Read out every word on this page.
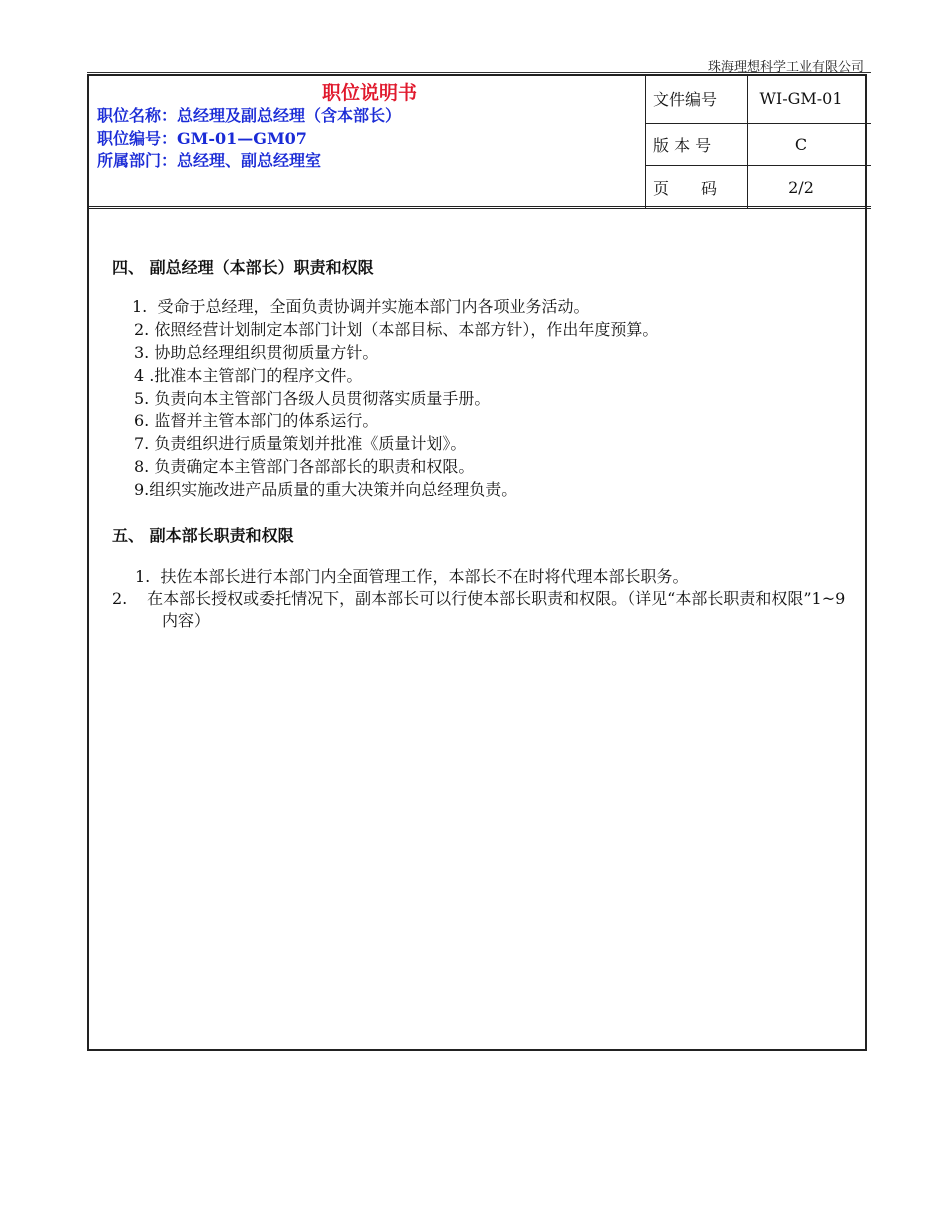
珠海理想科学工业有限公司
职位说明书
职位名称：总经理及副总经理（含本部长）
职位编号：GM-01—GM07
所属部门：总经理、副总经理室
文件编号	WI-GM-01
版 本 号	C
页　　码	2/2
四、 副总经理（本部长）职责和权限
1. 受命于总经理，全面负责协调并实施本部门内各项业务活动。
2. 依照经营计划制定本部门计划（本部目标、本部方针），作出年度预算。
3. 协助总经理组织贯彻质量方针。
4 .批准本主管部门的程序文件。
5. 负责向本主管部门各级人员贯彻落实质量手册。
6. 监督并主管本部门的体系运行。
7. 负责组织进行质量策划并批准《质量计划》。
8. 负责确定本主管部门各部部长的职责和权限。
9.组织实施改进产品质量的重大决策并向总经理负责。
五、 副本部长职责和权限
1. 扶佐本部长进行本部门内全面管理工作，本部长不在时将代理本部长职务。
2. 在本部长授权或委托情况下，副本部长可以行使本部长职责和权限。（详见“本部长职责和权限”1~9 内容）
